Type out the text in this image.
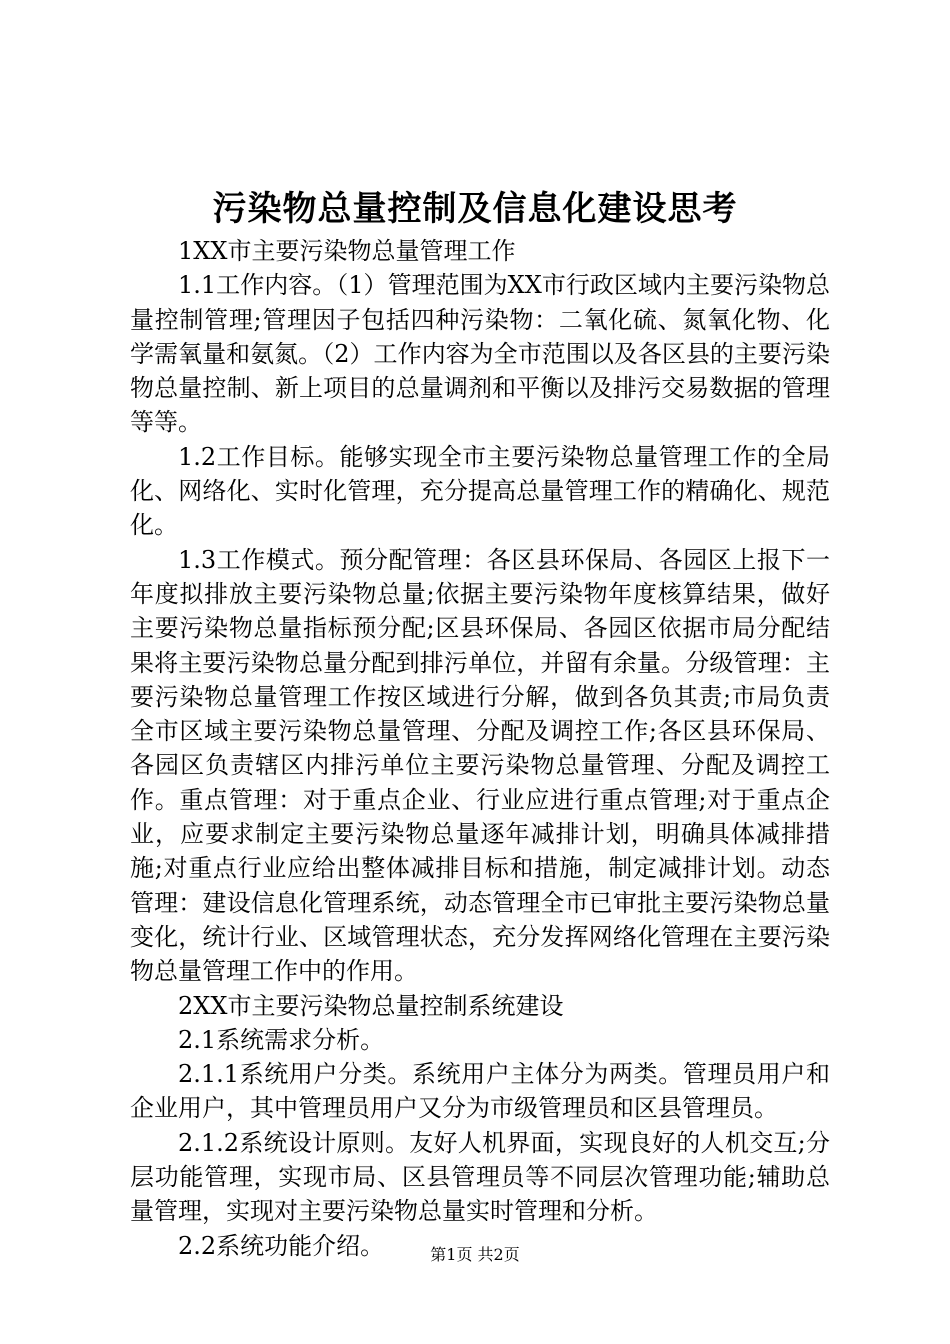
污染物总量控制及信息化建设思考

1XX市主要污染物总量管理工作

1.1工作内容。（1）管理范围为XX市行政区域内主要污染物总量控制管理;管理因子包括四种污染物：二氧化硫、氮氧化物、化学需氧量和氨氮。（2）工作内容为全市范围以及各区县的主要污染物总量控制、新上项目的总量调剂和平衡以及排污交易数据的管理等等。

1.2工作目标。能够实现全市主要污染物总量管理工作的全局化、网络化、实时化管理，充分提高总量管理工作的精确化、规范化。

1.3工作模式。预分配管理：各区县环保局、各园区上报下一年度拟排放主要污染物总量;依据主要污染物年度核算结果，做好主要污染物总量指标预分配;区县环保局、各园区依据市局分配结果将主要污染物总量分配到排污单位，并留有余量。分级管理：主要污染物总量管理工作按区域进行分解，做到各负其责;市局负责全市区域主要污染物总量管理、分配及调控工作;各区县环保局、各园区负责辖区内排污单位主要污染物总量管理、分配及调控工作。重点管理：对于重点企业、行业应进行重点管理;对于重点企业，应要求制定主要污染物总量逐年减排计划，明确具体减排措施;对重点行业应给出整体减排目标和措施，制定减排计划。动态管理：建设信息化管理系统，动态管理全市已审批主要污染物总量变化，统计行业、区域管理状态，充分发挥网络化管理在主要污染物总量管理工作中的作用。

2XX市主要污染物总量控制系统建设

2.1系统需求分析。

2.1.1系统用户分类。系统用户主体分为两类。管理员用户和企业用户，其中管理员用户又分为市级管理员和区县管理员。

2.1.2系统设计原则。友好人机界面，实现良好的人机交互;分层功能管理，实现市局、区县管理员等不同层次管理功能;辅助总量管理，实现对主要污染物总量实时管理和分析。

2.2系统功能介绍。	第1页 共2页
